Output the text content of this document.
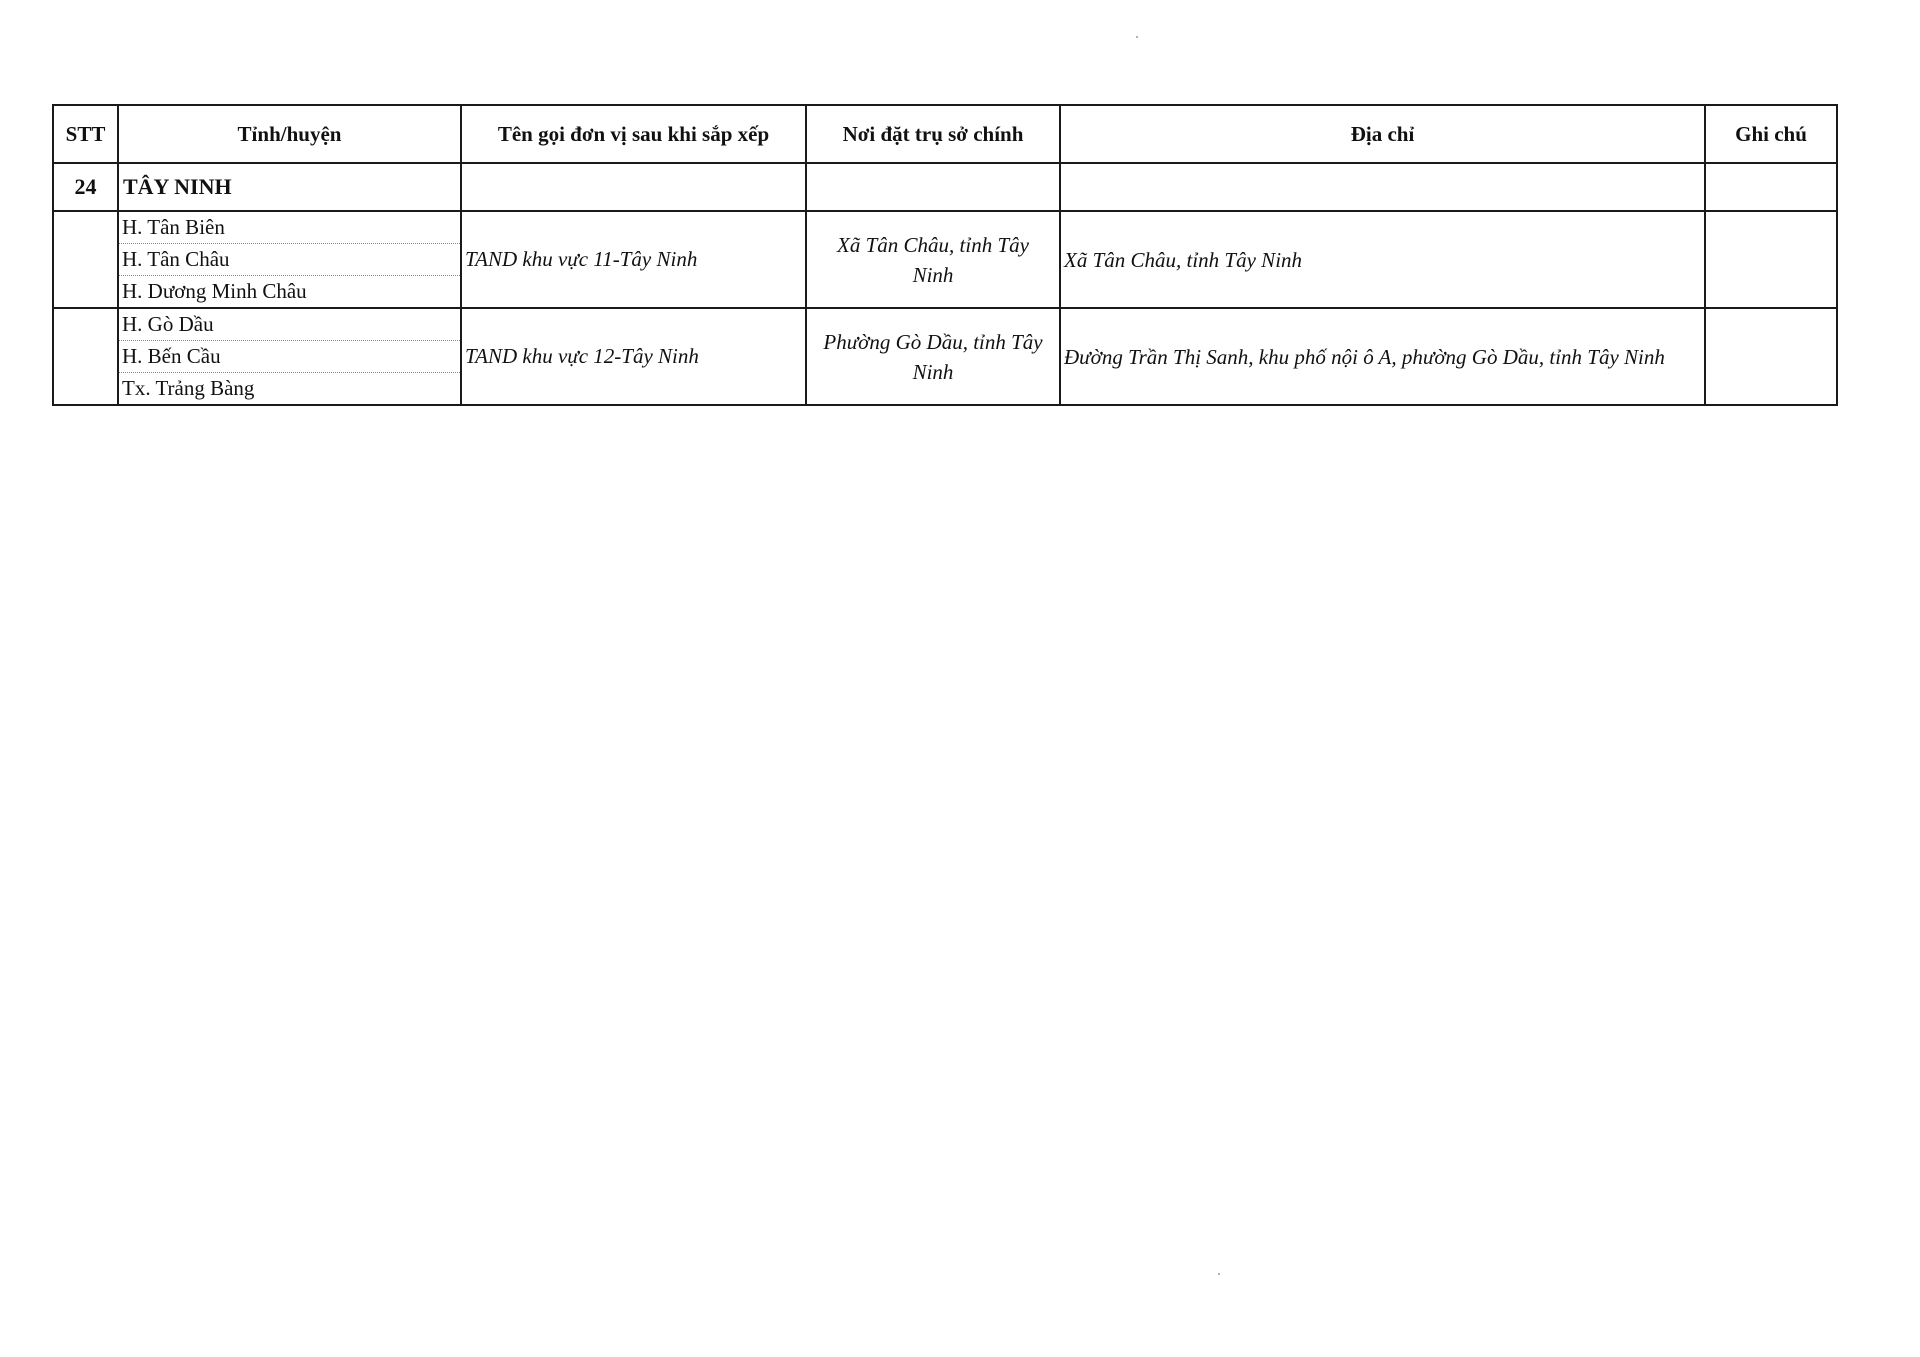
STT	Tỉnh/huyện	Tên gọi đơn vị sau khi sắp xếp	Nơi đặt trụ sở chính	Địa chỉ	Ghi chú
24	TÂY NINH				

H. Tân Biên
H. Tân Châu
H. Dương Minh Châu	TAND khu vực 11-Tây Ninh	Xã Tân Châu, tỉnh Tây Ninh	Xã Tân Châu, tỉnh Tây Ninh	

H. Gò Dầu
H. Bến Cầu
Tx. Trảng Bàng	TAND khu vực 12-Tây Ninh	Phường Gò Dầu, tỉnh Tây Ninh	Đường Trần Thị Sanh, khu phố nội ô A, phường Gò Dầu, tỉnh Tây Ninh	
